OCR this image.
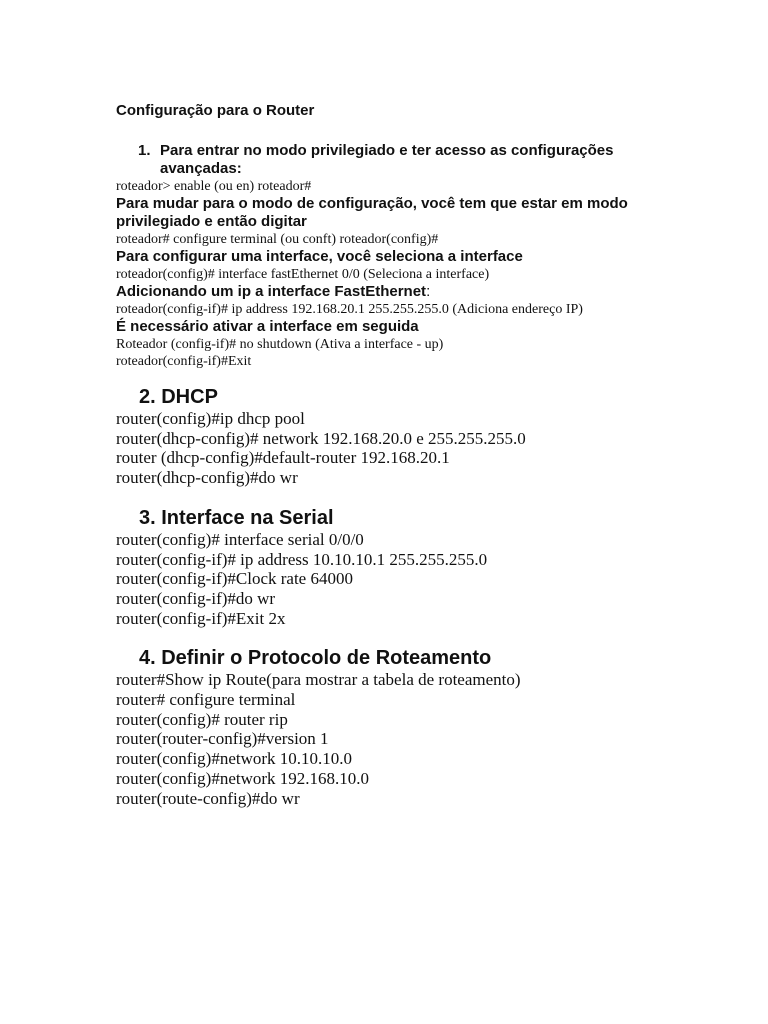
Configuração para o Router
1. Para entrar no modo privilegiado e ter acesso as configurações avançadas:
roteador> enable (ou en) roteador#
Para mudar para o modo de configuração, você tem que estar em modo privilegiado e então digitar
roteador# configure terminal (ou conft) roteador(config)#
Para configurar uma interface, você seleciona a interface
roteador(config)# interface fastEthernet 0/0 (Seleciona a interface)
Adicionando um ip a interface FastEthernet:
roteador(config-if)# ip address 192.168.20.1 255.255.255.0 (Adiciona endereço IP)
É necessário ativar a interface em seguida
Roteador (config-if)# no shutdown (Ativa a interface - up)
roteador(config-if)#Exit
2. DHCP
router(config)#ip dhcp pool
router(dhcp-config)# network 192.168.20.0 e 255.255.255.0
router (dhcp-config)#default-router 192.168.20.1
router(dhcp-config)#do wr
3. Interface na Serial
router(config)# interface serial 0/0/0
router(config-if)# ip address 10.10.10.1 255.255.255.0
router(config-if)#Clock rate 64000
router(config-if)#do wr
router(config-if)#Exit 2x
4. Definir o Protocolo de Roteamento
router#Show ip Route(para mostrar a tabela de roteamento)
router# configure terminal
router(config)# router rip
router(router-config)#version 1
router(config)#network 10.10.10.0
router(config)#network 192.168.10.0
router(route-config)#do wr
